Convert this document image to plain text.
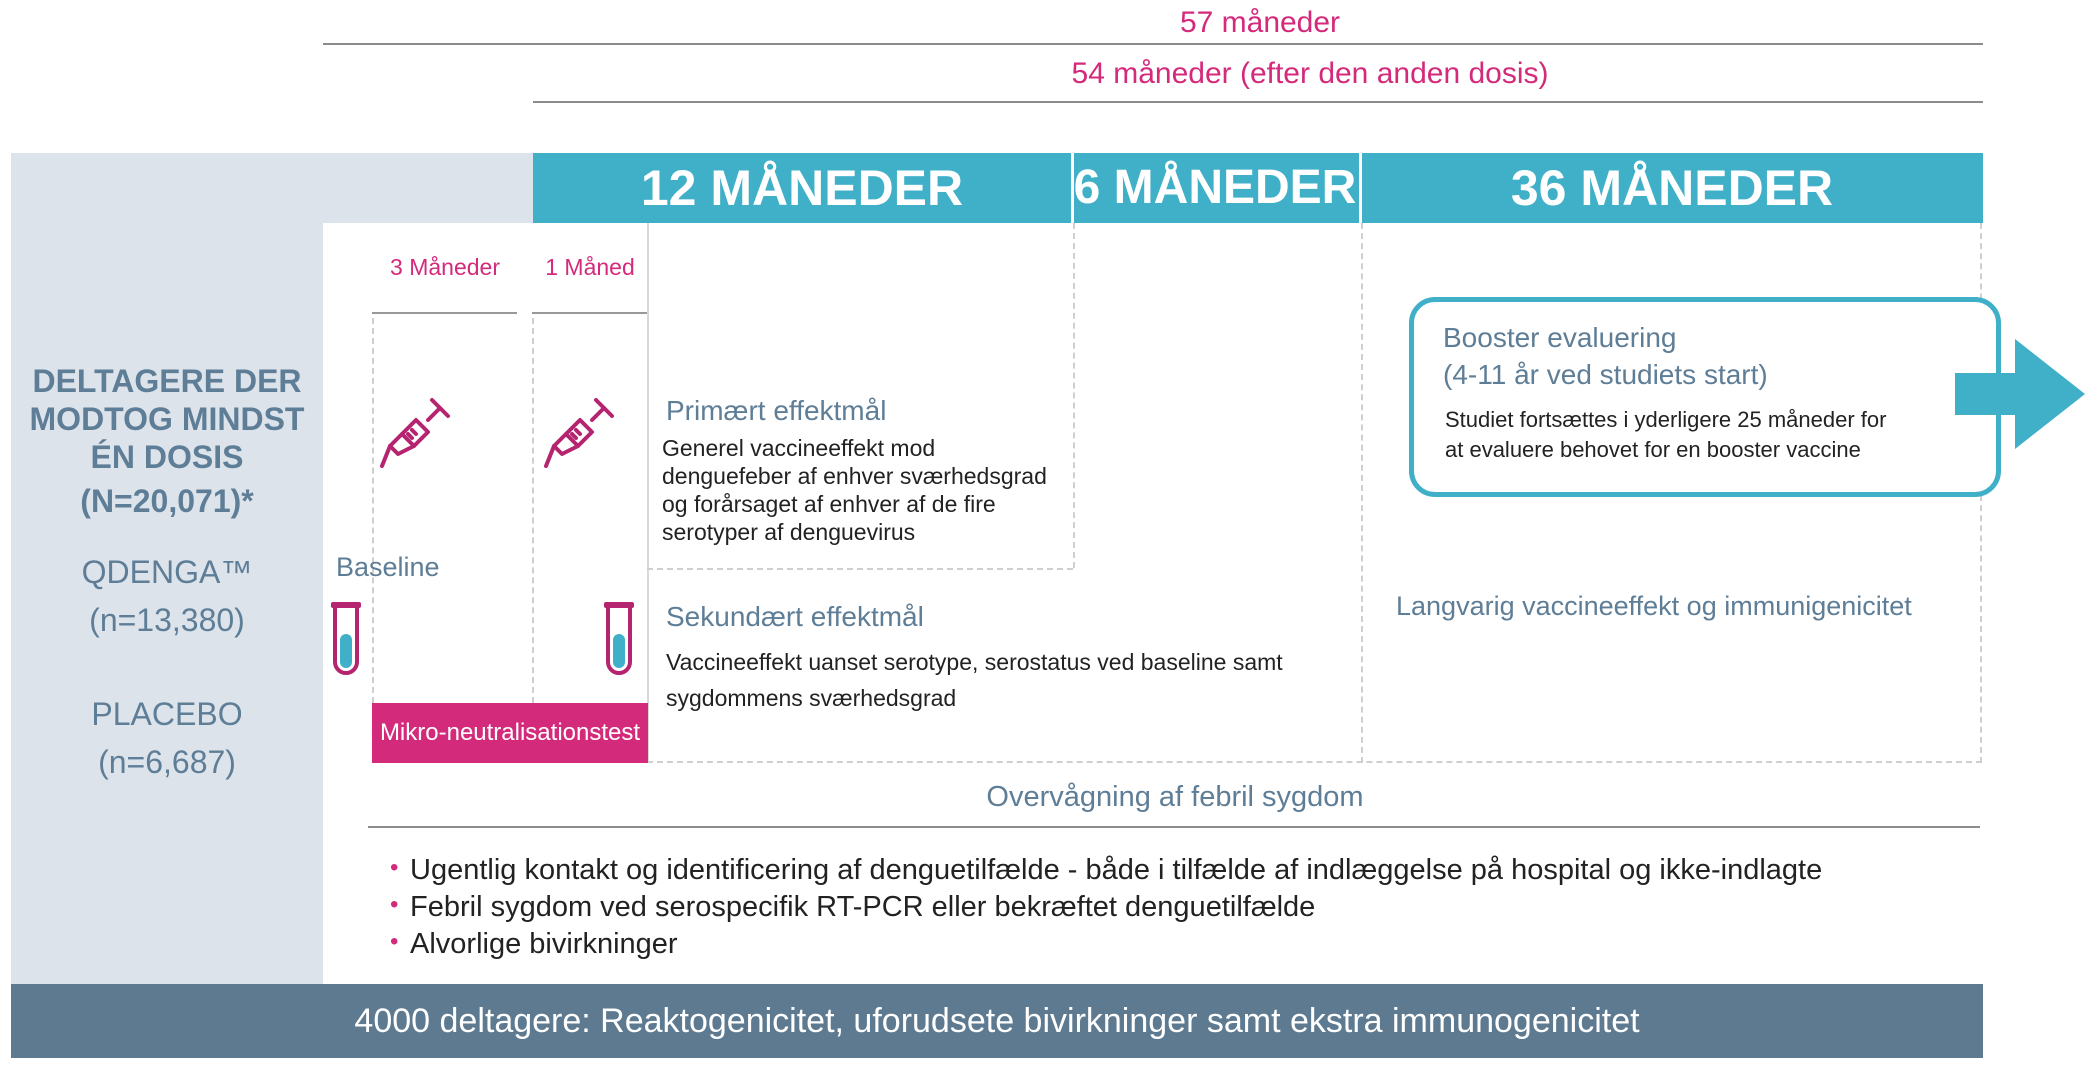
57 måneder
54 måneder (efter den anden dosis)
DELTAGERE DER
MODTOG MINDST
ÉN DOSIS
(N=20,071)*
QDENGA™
(n=13,380)
PLACEBO
(n=6,687)
12 MÅNEDER	6 MÅNEDER	36 MÅNEDER
3 Måneder	1 Måned
Baseline
Mikro-neutralisationstest
Primært effektmål
Generel vaccineeffekt mod
denguefeber af enhver sværhedsgrad
og forårsaget af enhver af de fire
serotyper af denguevirus
Sekundært effektmål
Vaccineeffekt uanset serotype, serostatus ved baseline samt
sygdommens sværhedsgrad
Booster evaluering
(4-11 år ved studiets start)
Studiet fortsættes i yderligere 25 måneder for
at evaluere behovet for en booster vaccine
Langvarig vaccineeffekt og immunigenicitet
Overvågning af febril sygdom
• Ugentlig kontakt og identificering af denguetilfælde - både i tilfælde af indlæggelse på hospital og ikke-indlagte
• Febril sygdom ved serospecifik RT-PCR eller bekræftet denguetilfælde
• Alvorlige bivirkninger
4000 deltagere: Reaktogenicitet, uforudsete bivirkninger samt ekstra immunogenicitet
